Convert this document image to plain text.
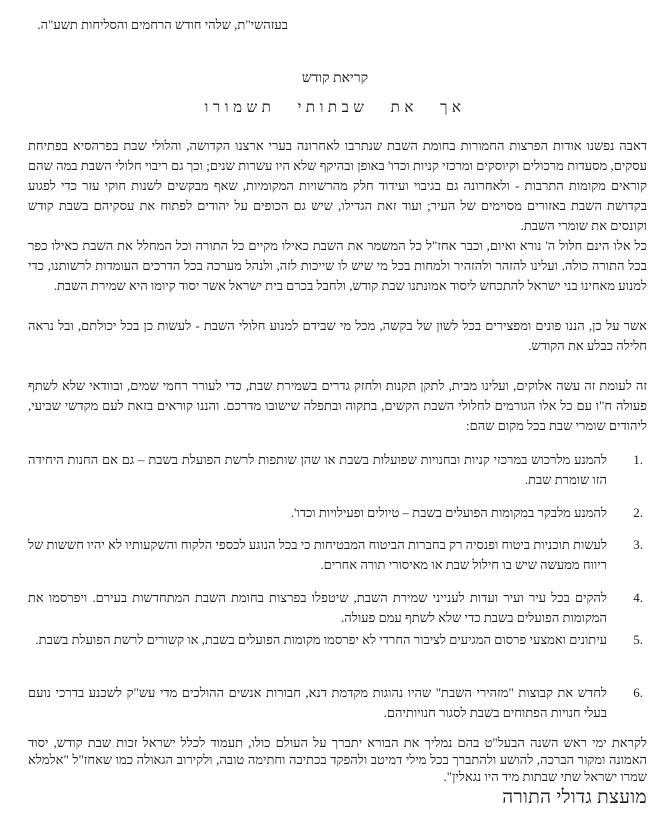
בעזהשי"ת, שלהי חודש הרחמים והסליחות תשע"ה.
קריאת קודש
אך את שבתותי תשמורו

דאבה נפשנו אודות הפרצות החמורות בחומת השבת שנתרבו לאחרונה בערי ארצנו הקדושה, והלולי שבת בפרהסיא בפתיחת עסקים, מסעדות מרכולים וקיוסקים ומרכזי קניות וכדו' באופן ובהיקף שלא היו עשרות שנים; וכך גם ריבוי חלולי השבת במה שהם קוראים מקומות התרבות - ולאחרונה גם בגיבוי ועידוד חלק מהרשויות המקומיות, שאף מבקשים לשנות חוקי עזר כדי לפגוע בקדושת השבת באזורים מסוימים של העיר; ועוד זאת הגדילו, שיש גם הכופים על יהודים לפתוח את עסקיהם בשבת קודש וקונסים את שומרי השבת.

כל אלו הינם חלול ה' נורא ואיום, וכבר אחז"ל כל המשמר את השבת כאילו מקיים כל התורה וכל המחלל את השבת כאילו כפר בכל התורה כולה. ועלינו להזהר ולהזהיר ולמחות בכל מי שיש לו שייכות לזה, ולנהל מערכה בכל הדרכים העומדות לרשותנו, כדי למנוע מאחינו בני ישראל להתכחש ליסוד אמונתנו שבת קודש, ולחבל בכרם בית ישראל אשר יסוד קיומו היא שמירת השבת.

אשר על כן, הננו פונים ומפצירים בכל לשון של בקשה, מכל מי שבידם למנוע חלולי השבת - לעשות כן בכל יכולתם, ובל נראה חלילה כבלע את הקודש.

זה לעומת זה עשה אלוקים, ועלינו מבית, לתקן תקנות ולחזק גדרים בשמירת שבת, כדי לעורר רחמי שמים, ובוודאי שלא לשתף פעולה ח"ו עם כל אלו הגורמים לחלולי השבת הקשים, בתקוה ובתפלה שישובו מדרכם. והננו קוראים בזאת לעם מקדשי שביעי, ליהודים שומרי שבת בכל מקום שהם:

1.
להמנע מלרכוש במרכזי קניות ובחנויות שפועלות בשבת או שהן שותפות לרשת הפועלת בשבת – גם אם החנות היחידה הזו שומרת שבת.
2.
להמנע מלבקר במקומות הפועלים בשבת – טיולים ופעילויות וכדו'.
3.
לעשות תוכניות ביטוח ופנסיה רק בחברות הביטוח המבטיחות כי בכל הנוגע לכספי הלקוח והשקעותיו לא יהיו חששות של ריווח ממעשה שיש בו חילול שבת או מאיסורי תורה אחרים.
4.
להקים בכל עיר ועיר ועדות לענייני שמירת השבת, שיטפלו בפרצות בחומת השבת המתחדשות בעירם. ויפרסמו את המקומות הפועלים בשבת כדי שלא לשתף עמם פעולה.
5.
עיתונים ואמצעי פרסום המגיעים לציבור החרדי לא יפרסמו מקומות הפועלים בשבת, או קשורים לרשת הפועלת בשבת.
6.
לחדש את קבוצות "מזהירי השבת" שהיו נהוגות מקדמת דנא, חבורות אנשים ההולכים מדי עש"ק לשכנע בדרכי נועם בעלי חנויות הפתוחים בשבת לסגור חנויותיהם.

לקראת ימי ראש השנה הבעל"ט בהם נמליך את הבורא יתברך על העולם כולו, תעמוד לכלל ישראל זכות שבת קודש, יסוד האמונה ומקור הברכה, להושע ולהתברך בכל מילי דמיטב ולהפקד בכתיבה וחתימה טובה, ולקירוב הגאולה כמו שאחז"ל "אלמלא שמרו ישראל שתי שבתות מיד היו נגאלין".

מועצת גדולי התורה
